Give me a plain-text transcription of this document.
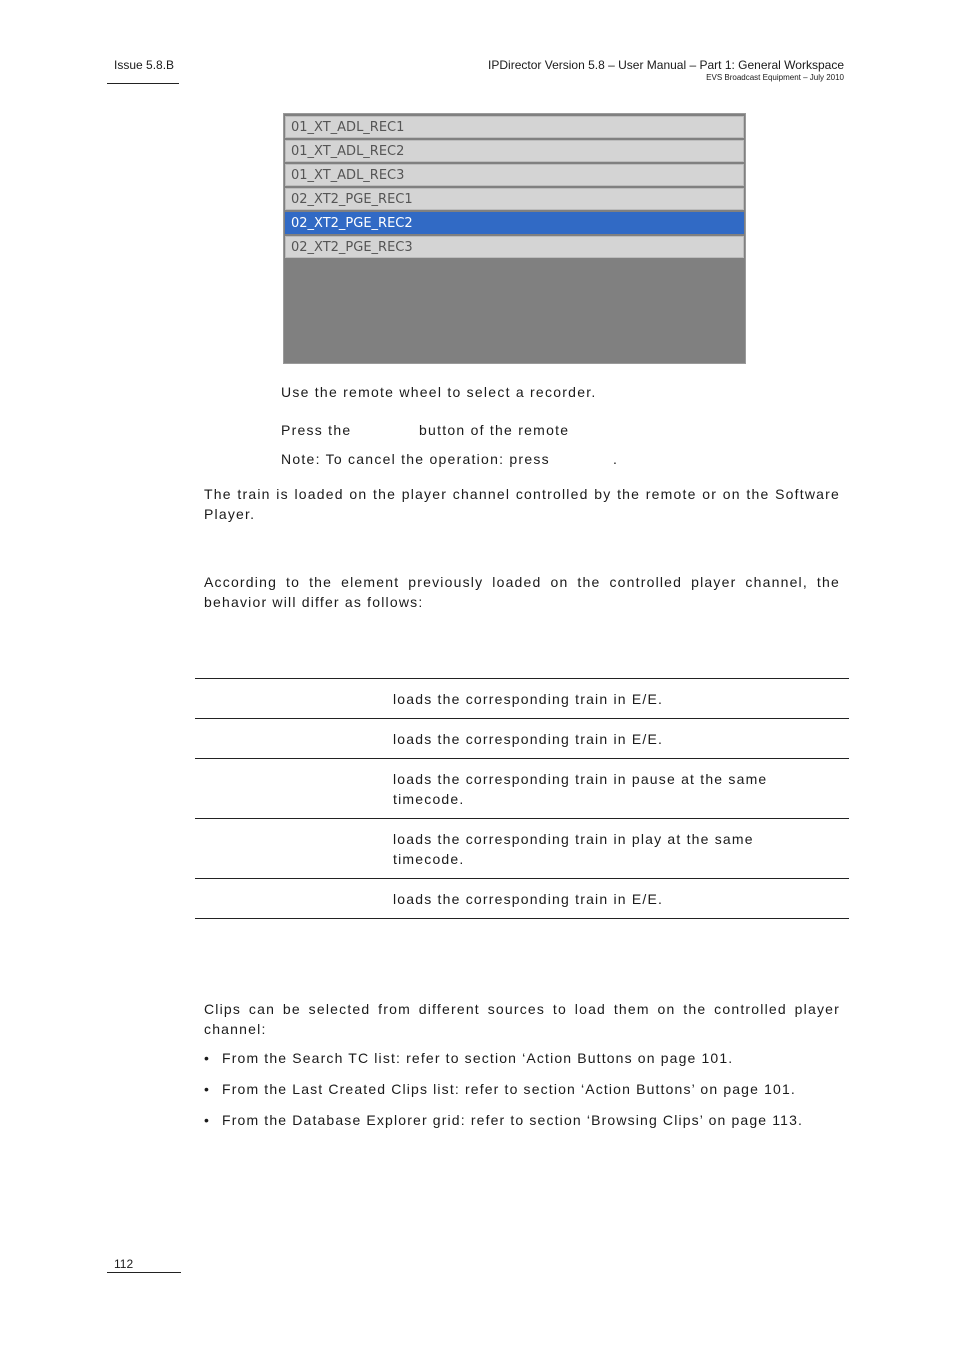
Issue 5.8.B	IPDirector Version 5.8 – User Manual – Part 1: General Workspace
EVS Broadcast Equipment – July 2010
01_XT_ADL_REC1
01_XT_ADL_REC2
01_XT_ADL_REC3
02_XT2_PGE_REC1
02_XT2_PGE_REC2
02_XT2_PGE_REC3
Use the remote wheel to select a recorder.
Press the	button of the remote
Note: To cancel the operation: press	.
The train is loaded on the player channel controlled by the remote or on the Software Player.
According to the element previously loaded on the controlled player channel, the behavior will differ as follows:
loads the corresponding train in E/E.
loads the corresponding train in E/E.
loads the corresponding train in pause at the same timecode.
loads the corresponding train in play at the same timecode.
loads the corresponding train in E/E.
Clips can be selected from different sources to load them on the controlled player channel:
• From the Search TC list: refer to section ‘Action Buttons on page 101.
• From the Last Created Clips list: refer to section ‘Action Buttons’ on page 101.
• From the Database Explorer grid: refer to section ‘Browsing Clips’ on page 113.
112
